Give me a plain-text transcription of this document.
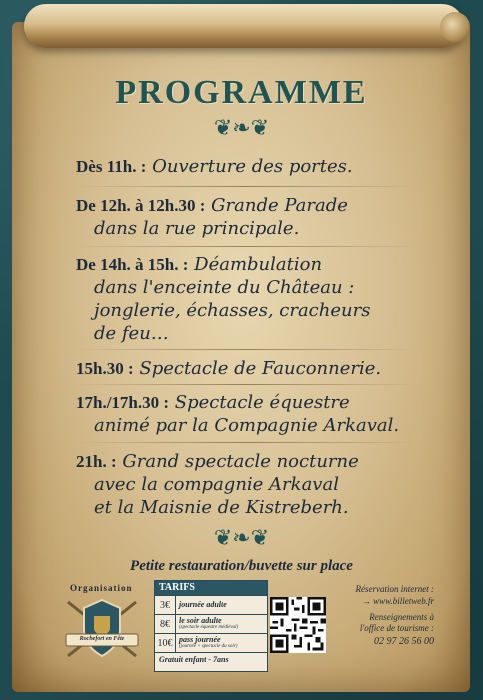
PROGRAMME
❦❧❦
Dès 11h. : Ouverture des portes.
De 12h. à 12h.30 : Grande Parade
dans la rue principale.
De 14h. à 15h. : Déambulation
dans l'enceinte du Château :
jonglerie, échasses, cracheurs
de feu…
15h.30 : Spectacle de Fauconnerie.
17h./17h.30 : Spectacle équestre
animé par la Compagnie Arkaval.
21h. : Grand spectacle nocturne
avec la compagnie Arkaval
et la Maisnie de Kistreberh.
❦❧❦
Petite restauration/buvette sur place
Organisation
Rochefort en Fête
TARIFS
3€	journée adulte
8€	le soir adulte
(spectacle équestre médiéval)
10€ pass journée
(journée + spectacle du soir)
Gratuit enfant - 7ans
Réservation internet :
→ www.billetweb.fr
Renseignements à
l'office de tourisme :
02 97 26 56 00
